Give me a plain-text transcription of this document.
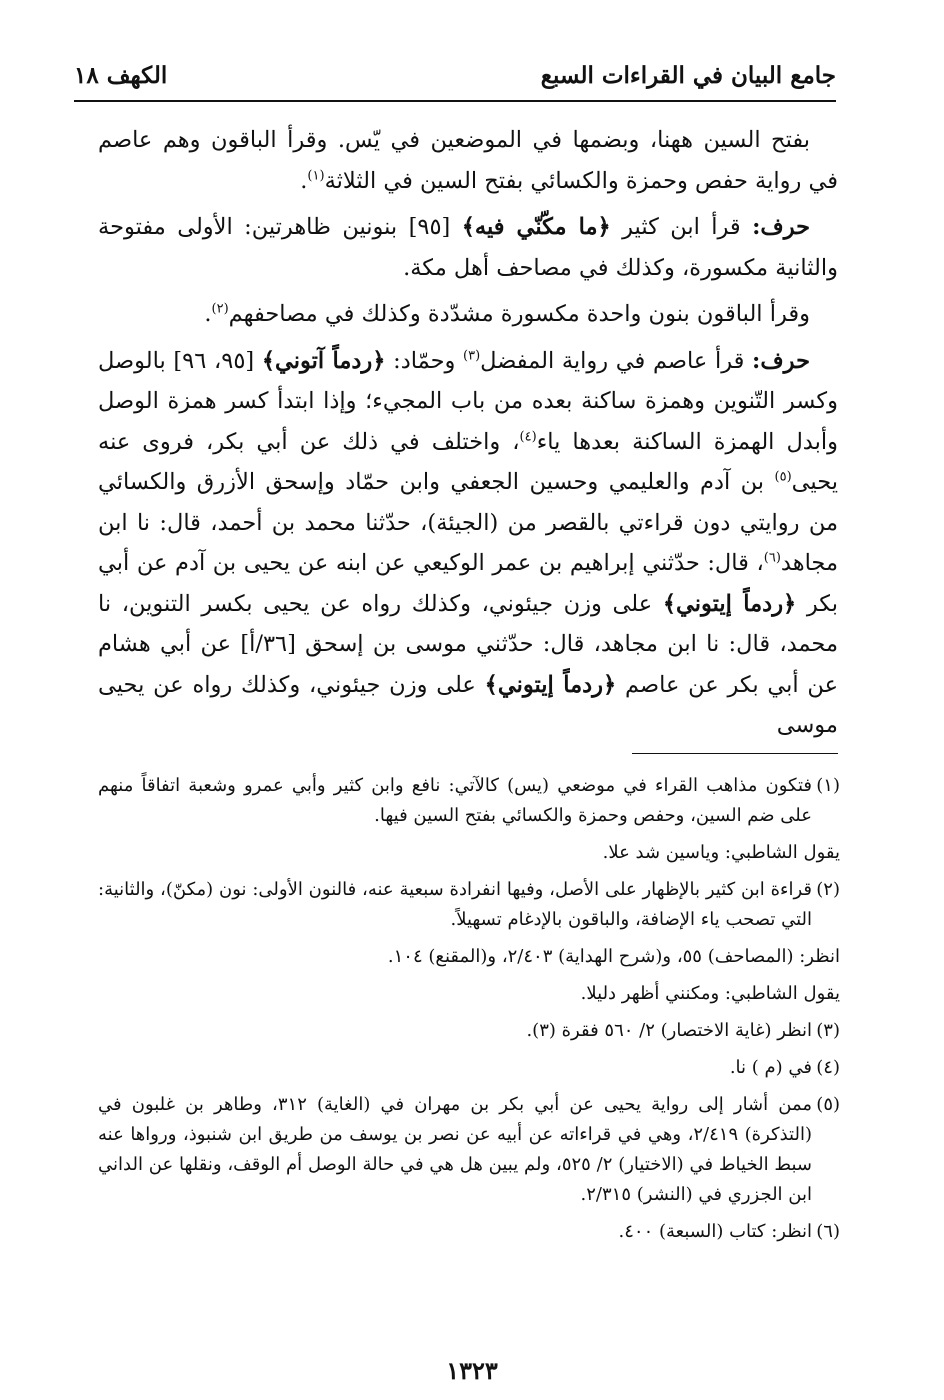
جامع البيان في القراءات السبع
الكهف ١٨

بفتح السين ههنا، وبضمها في الموضعين في يّس. وقرأ الباقون وهم عاصم في رواية حفص وحمزة والكسائي بفتح السين في الثلاثة$^{(١)}$.

حرف: قرأ ابن كثير ﴿ما مكّنّي فيه﴾ [٩٥] بنونين ظاهرتين: الأولى مفتوحة والثانية مكسورة، وكذلك في مصاحف أهل مكة.

وقرأ الباقون بنون واحدة مكسورة مشدّدة وكذلك في مصاحفهم$^{(٢)}$.

حرف: قرأ عاصم في رواية المفضل$^{(٣)}$ وحمّاد: ﴿ردماً آتوني﴾ [٩٥، ٩٦] بالوصل وكسر التّنوين وهمزة ساكنة بعده من باب المجيء؛ وإذا ابتدأ كسر همزة الوصل وأبدل الهمزة الساكنة بعدها ياء$^{(٤)}$، واختلف في ذلك عن أبي بكر، فروى عنه يحيى$^{(٥)}$ بن آدم والعليمي وحسين الجعفي وابن حمّاد وإسحق الأزرق والكسائي من روايتي دون قراءتي بالقصر من (الجيئة)، حدّثنا محمد بن أحمد، قال: نا ابن مجاهد$^{(٦)}$، قال: حدّثني إبراهيم بن عمر الوكيعي عن ابنه عن يحيى بن آدم عن أبي بكر ﴿ردماً إيتوني﴾ على وزن جيئوني، وكذلك رواه عن يحيى بكسر التنوين، نا محمد، قال: نا ابن مجاهد، قال: حدّثني موسى بن إسحق [٣٦/أ] عن أبي هشام عن أبي بكر عن عاصم ﴿ردماً إيتوني﴾ على وزن جيئوني، وكذلك رواه عن يحيى موسى

(١)فتكون مذاهب القراء في موضعي (يس) كالآتي: نافع وابن كثير وأبي عمرو وشعبة اتفاقاً منهم على ضم السين، وحفص وحمزة والكسائي بفتح السين فيها.

يقول الشاطبي: وياسين شد علا.

(٢)قراءة ابن كثير بالإظهار على الأصل، وفيها انفرادة سبعية عنه، فالنون الأولى: نون (مكنّ)، والثانية: التي تصحب ياء الإضافة، والباقون بالإدغام تسهيلاً.

انظر: (المصاحف) ٥٥، و(شرح الهداية) ٢/٤٠٣، و(المقنع) ١٠٤.

يقول الشاطبي: ومكنني أظهر دليلا.

(٣)انظر (غاية الاختصار) ٢/ ٥٦٠ فقرة (٣).

(٤)في (م ) نا.

(٥)ممن أشار إلى رواية يحيى عن أبي بكر بن مهران في (الغاية) ٣١٢، وطاهر بن غلبون في (التذكرة) ٢/٤١٩، وهي في قراءاته عن أبيه عن نصر بن يوسف من طريق ابن شنبوذ، ورواها عنه سبط الخياط في (الاختيار) ٢/ ٥٢٥، ولم يبين هل هي في حالة الوصل أم الوقف، ونقلها عن الداني ابن الجزري في (النشر) ٢/٣١٥.

(٦)انظر: كتاب (السبعة) ٤٠٠.

١٣٢٣
